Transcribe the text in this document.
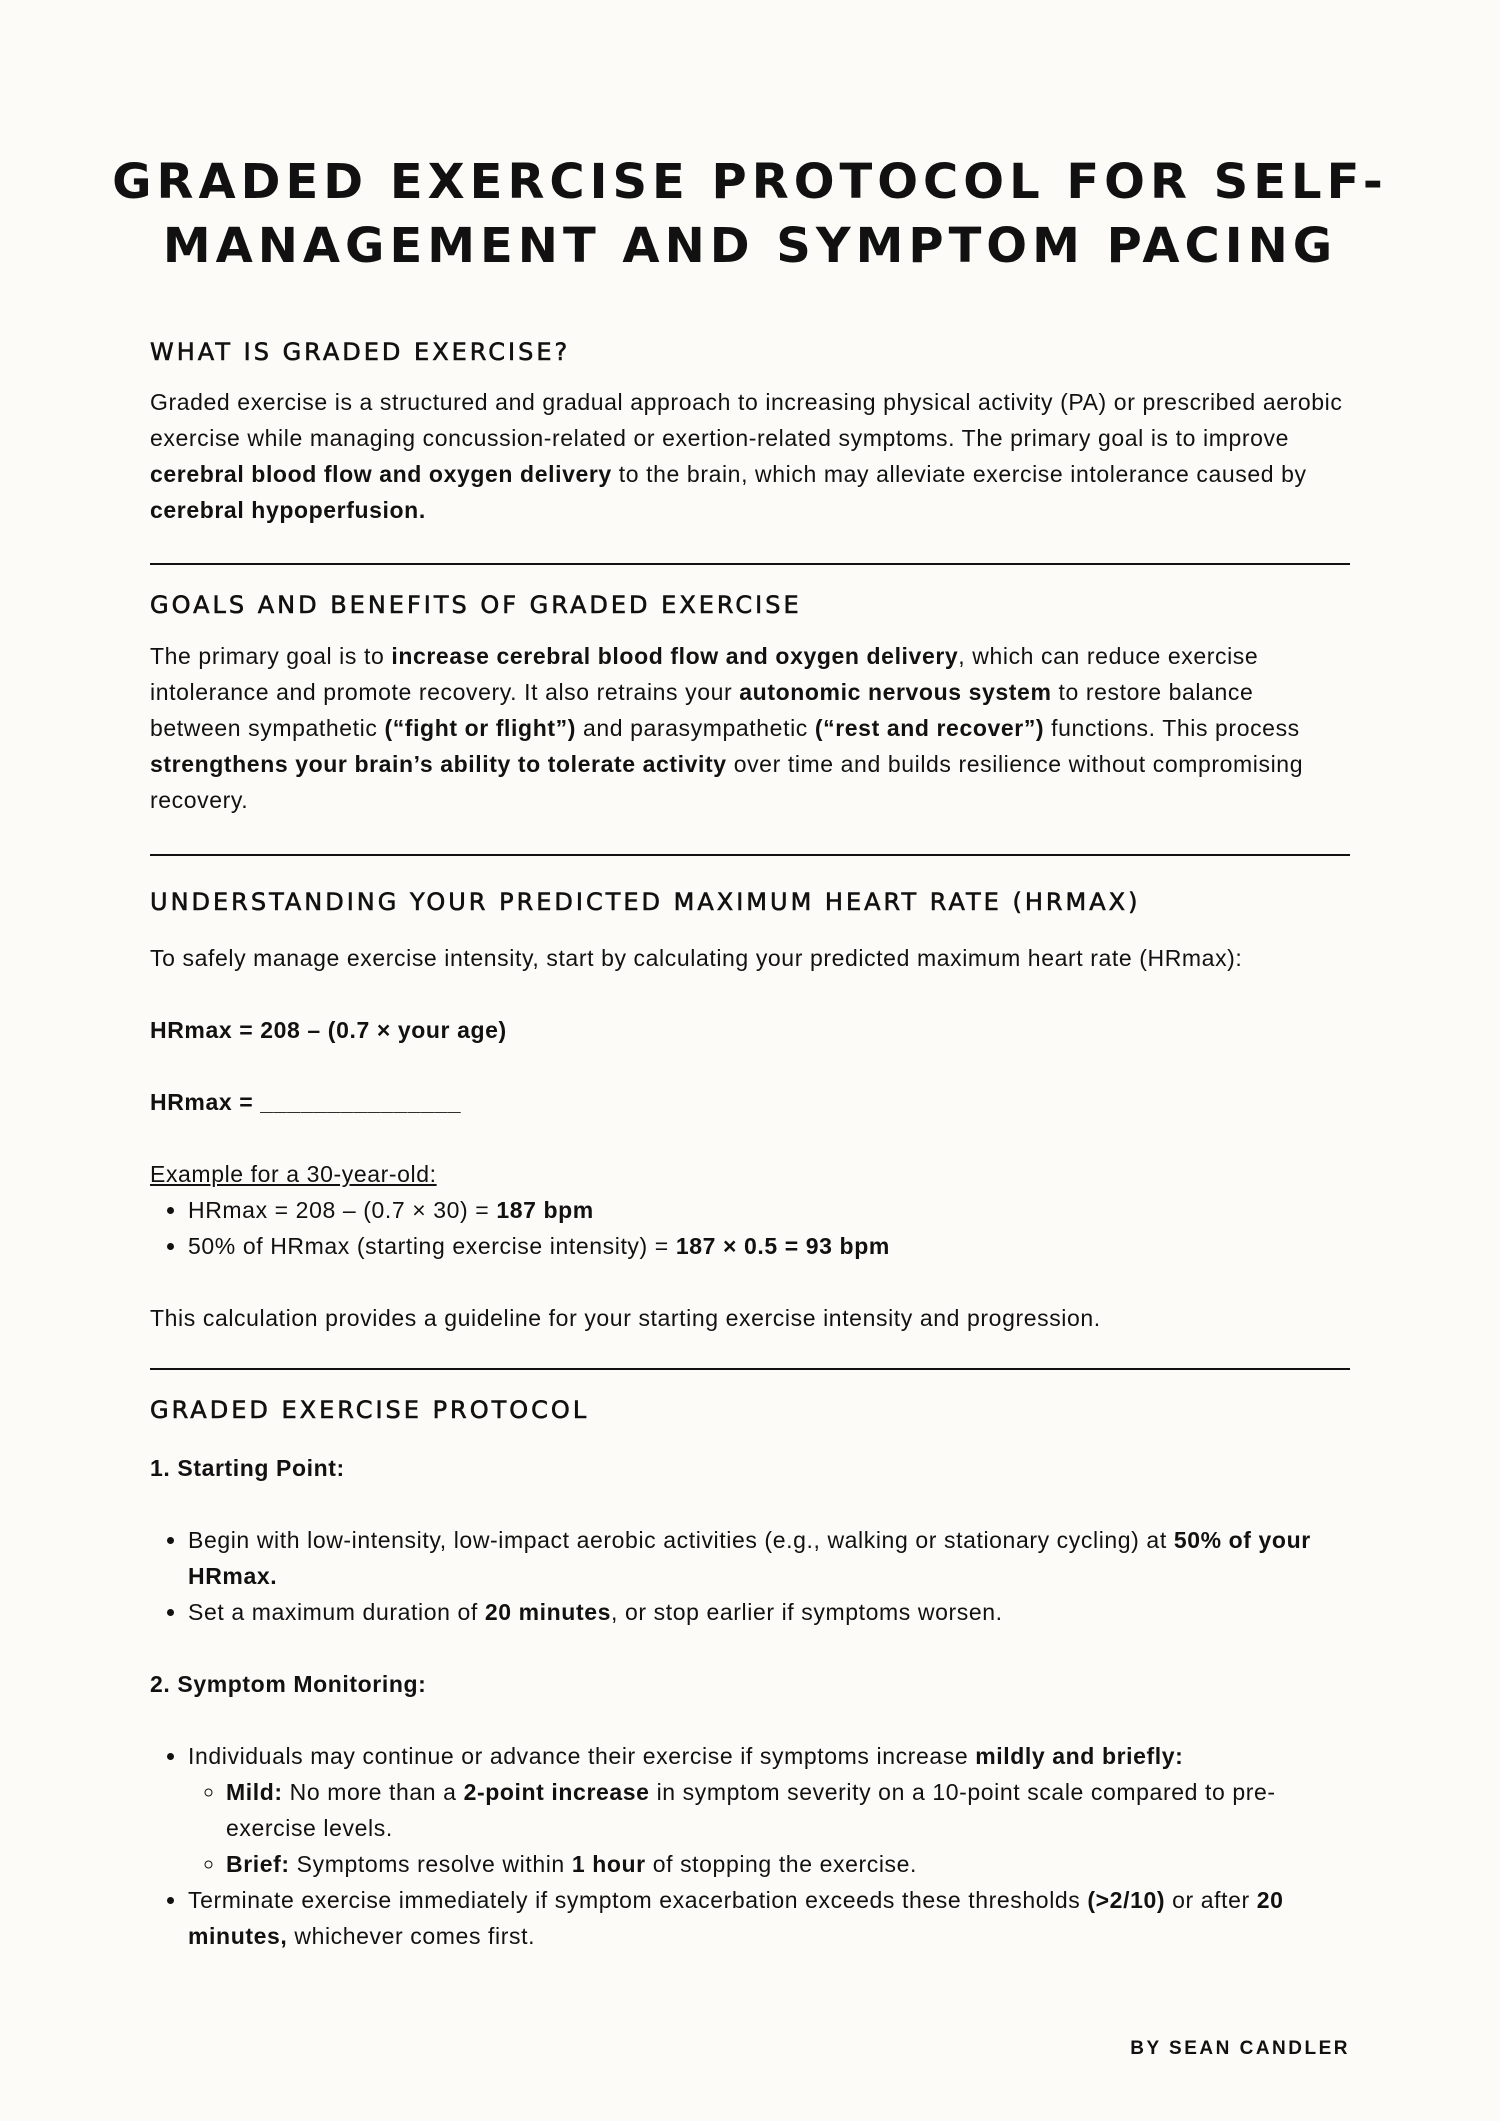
GRADED EXERCISE PROTOCOL FOR SELF-
MANAGEMENT AND SYMPTOM PACING
WHAT IS GRADED EXERCISE?

Graded exercise is a structured and gradual approach to increasing physical activity (PA) or prescribed aerobic exercise while managing concussion-related or exertion-related symptoms. The primary goal is to improve cerebral blood flow and oxygen delivery to the brain, which may alleviate exercise intolerance caused by cerebral hypoperfusion.

GOALS AND BENEFITS OF GRADED EXERCISE

The primary goal is to increase cerebral blood flow and oxygen delivery, which can reduce exercise intolerance and promote recovery. It also retrains your autonomic nervous system to restore balance between sympathetic (“fight or flight”) and parasympathetic (“rest and recover”) functions. This process strengthens your brain’s ability to tolerate activity over time and builds resilience without compromising recovery.

UNDERSTANDING YOUR PREDICTED MAXIMUM HEART RATE (HRMAX)

To safely manage exercise intensity, start by calculating your predicted maximum heart rate (HRmax):

HRmax = 208 – (0.7 × your age)

HRmax = _______________

Example for a 30-year-old:

• HRmax = 208 – (0.7 × 30) = 187 bpm
• 50% of HRmax (starting exercise intensity) = 187 × 0.5 = 93 bpm

This calculation provides a guideline for your starting exercise intensity and progression.

GRADED EXERCISE PROTOCOL

1. Starting Point:

• Begin with low-intensity, low-impact aerobic activities (e.g., walking or stationary cycling) at 50% of your HRmax.
• Set a maximum duration of 20 minutes, or stop earlier if symptoms worsen.

2. Symptom Monitoring:

• Individuals may continue or advance their exercise if symptoms increase mildly and briefly:
◦ Mild: No more than a 2-point increase in symptom severity on a 10-point scale compared to pre-exercise levels.
◦ Brief: Symptoms resolve within 1 hour of stopping the exercise.
• Terminate exercise immediately if symptom exacerbation exceeds these thresholds (>2/10) or after 20 minutes, whichever comes first.
BY SEAN CANDLER
